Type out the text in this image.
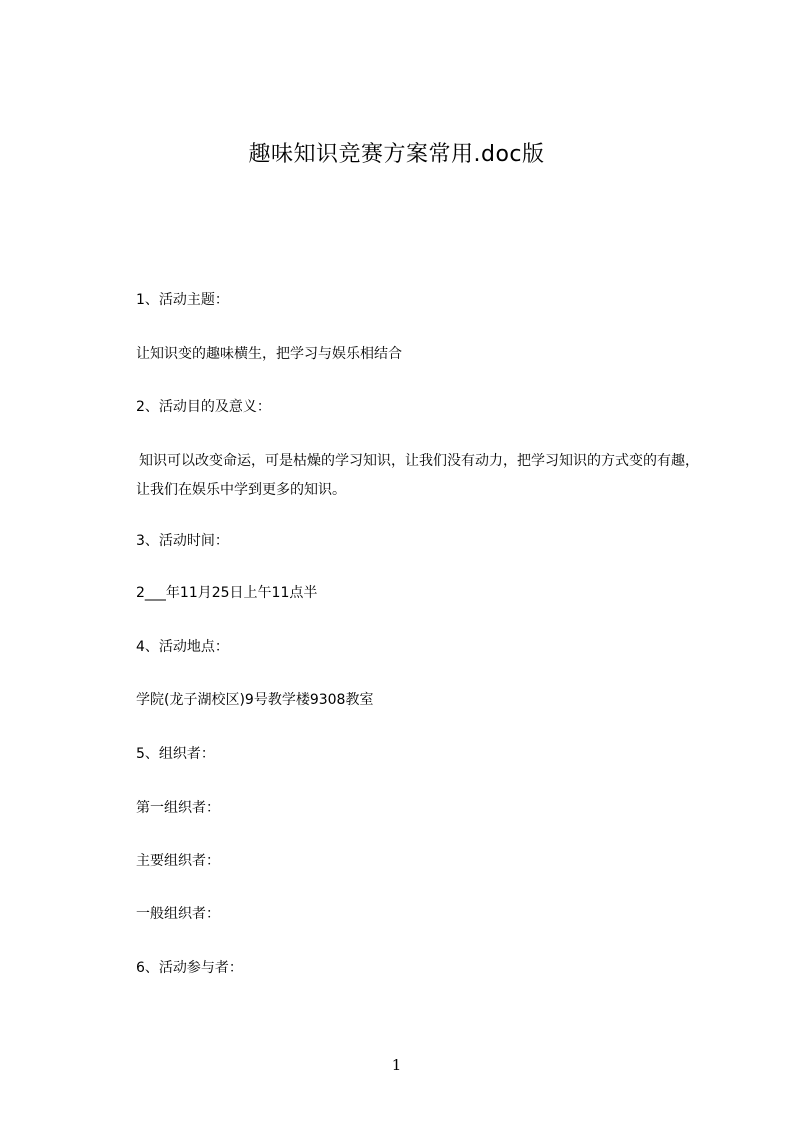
趣味知识竞赛方案常用.doc版
1、活动主题：
让知识变的趣味横生，把学习与娱乐相结合
2、活动目的及意义：
知识可以改变命运，可是枯燥的学习知识，让我们没有动力，把学习知识的方式变的有趣，让我们在娱乐中学到更多的知识。
3、活动时间：
2___年11月25日上午11点半
4、活动地点：
学院(龙子湖校区)9号教学楼9308教室
5、组织者：
第一组织者：
主要组织者：
一般组织者：
6、活动参与者：
1
